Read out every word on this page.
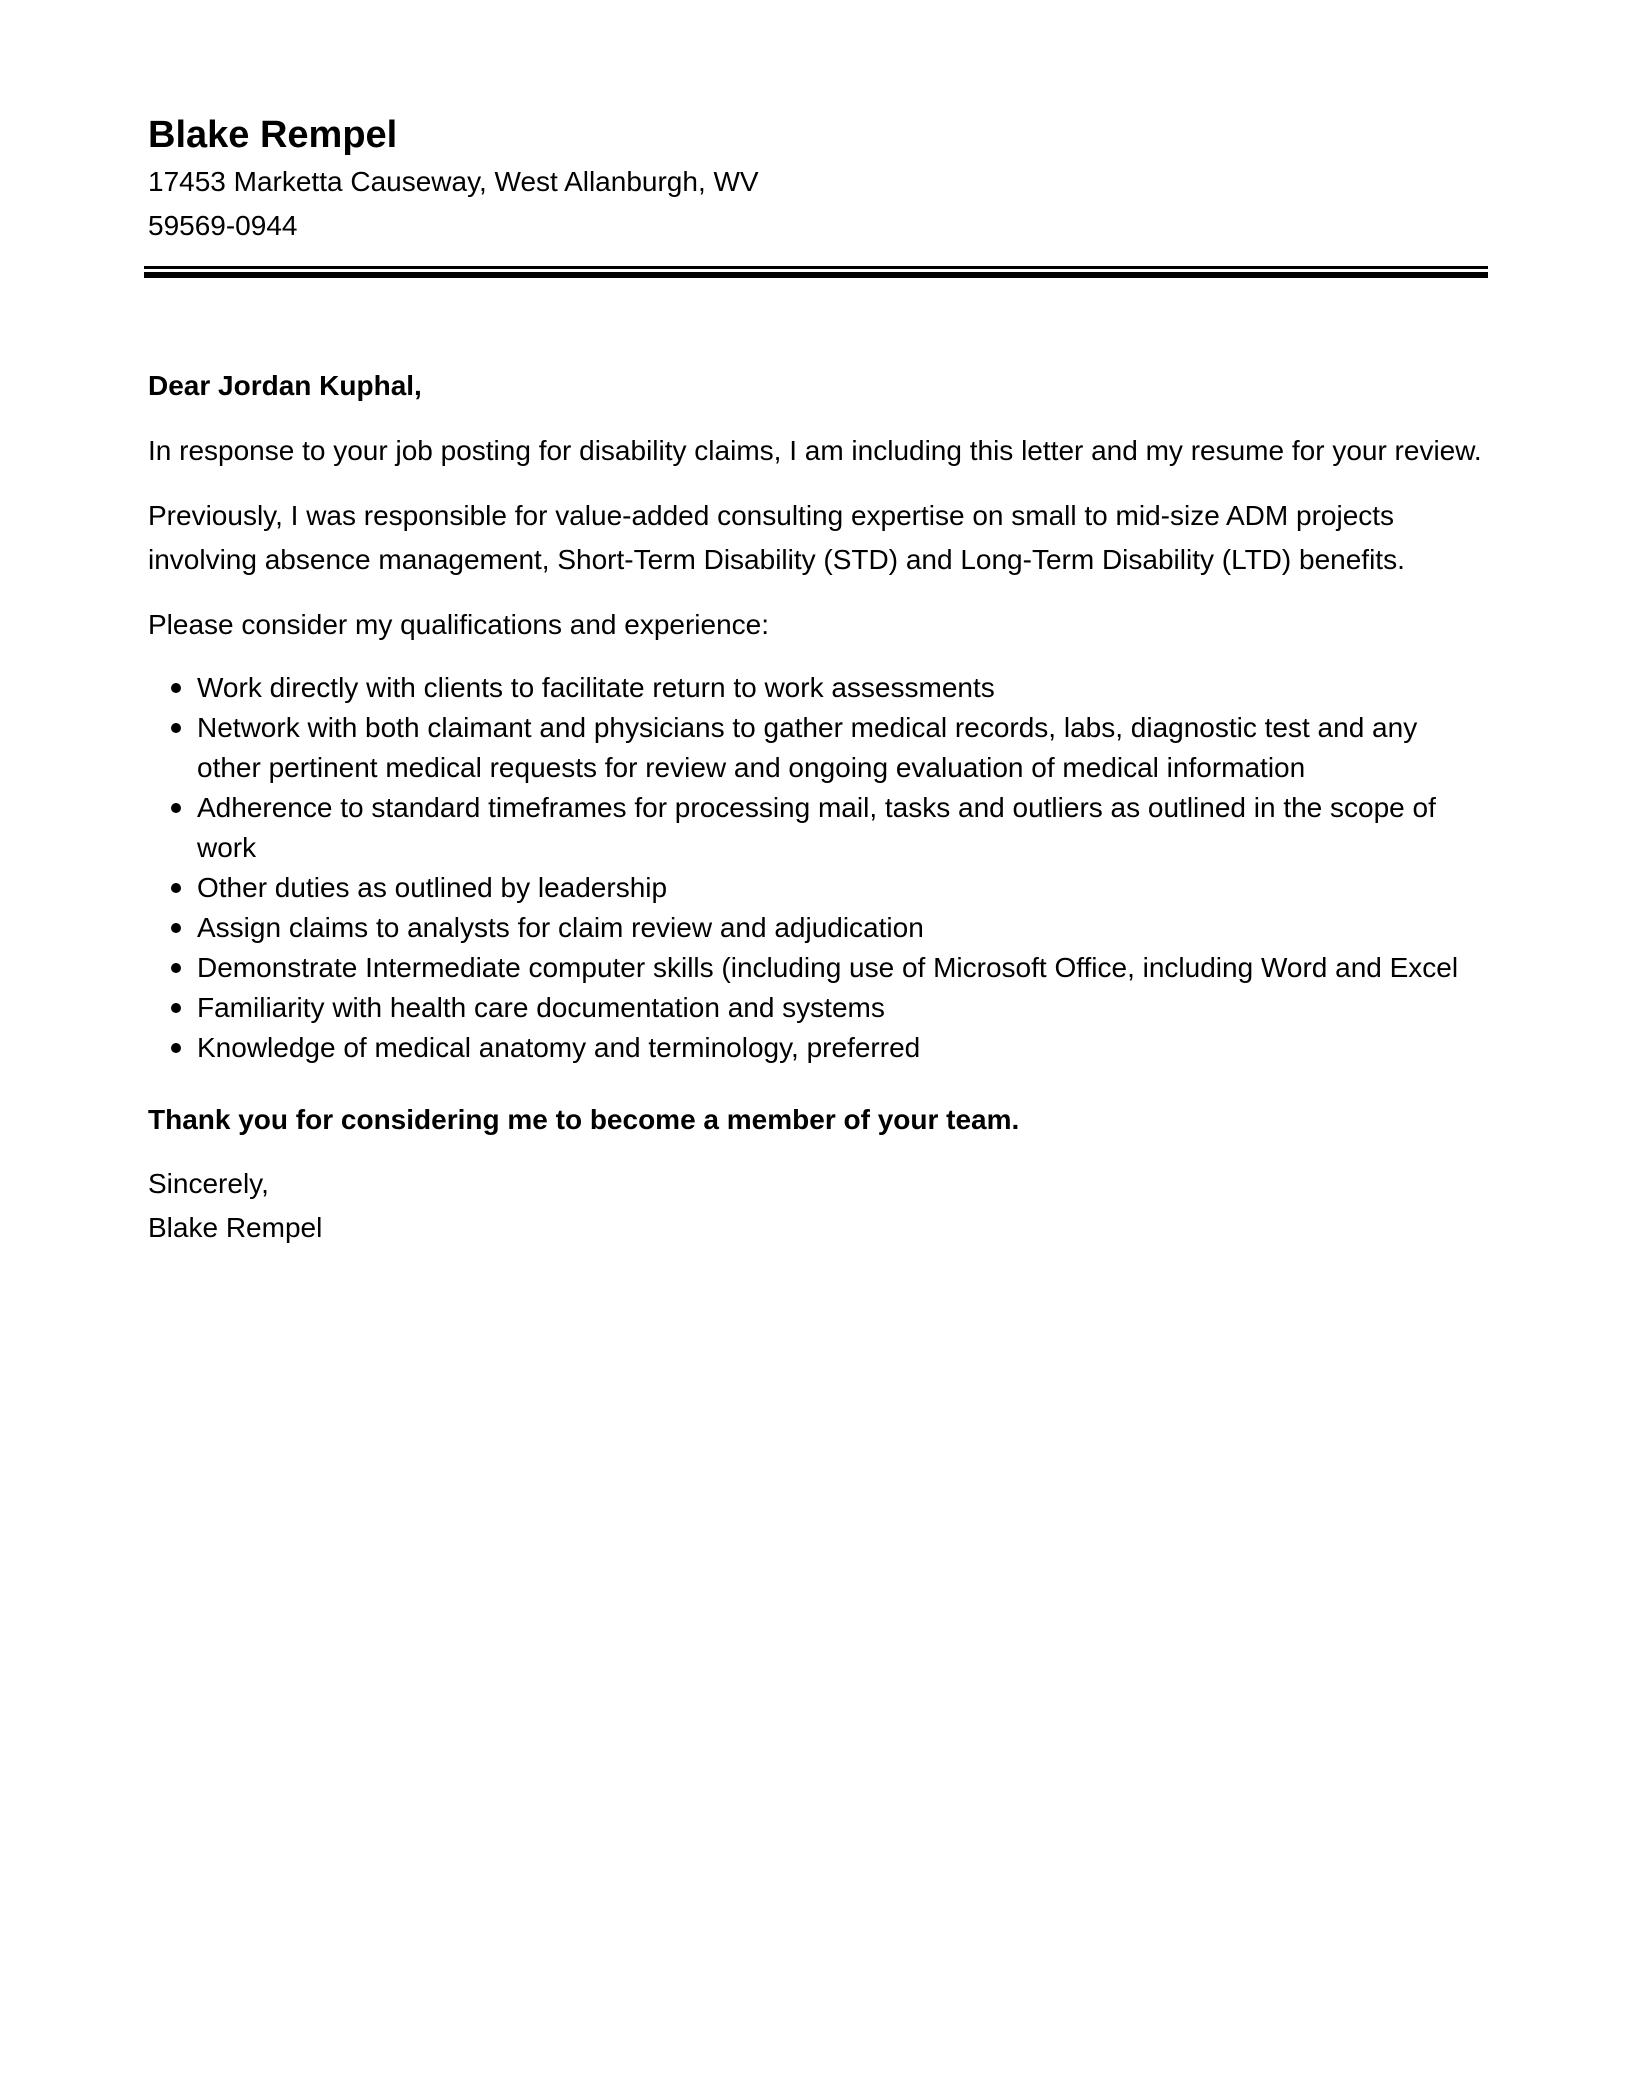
Blake Rempel

17453 Marketta Causeway, West Allanburgh, WV 59569-0944

Dear Jordan Kuphal,

In response to your job posting for disability claims, I am including this letter and my resume for your review.

Previously, I was responsible for value-added consulting expertise on small to mid-size ADM projects involving absence management, Short-Term Disability (STD) and Long-Term Disability (LTD) benefits.

Please consider my qualifications and experience:

Work directly with clients to facilitate return to work assessments
Network with both claimant and physicians to gather medical records, labs, diagnostic test and any other pertinent medical requests for review and ongoing evaluation of medical information
Adherence to standard timeframes for processing mail, tasks and outliers as outlined in the scope of work
Other duties as outlined by leadership
Assign claims to analysts for claim review and adjudication
Demonstrate Intermediate computer skills (including use of Microsoft Office, including Word and Excel
Familiarity with health care documentation and systems
Knowledge of medical anatomy and terminology, preferred

Thank you for considering me to become a member of your team.

Sincerely,

Blake Rempel
